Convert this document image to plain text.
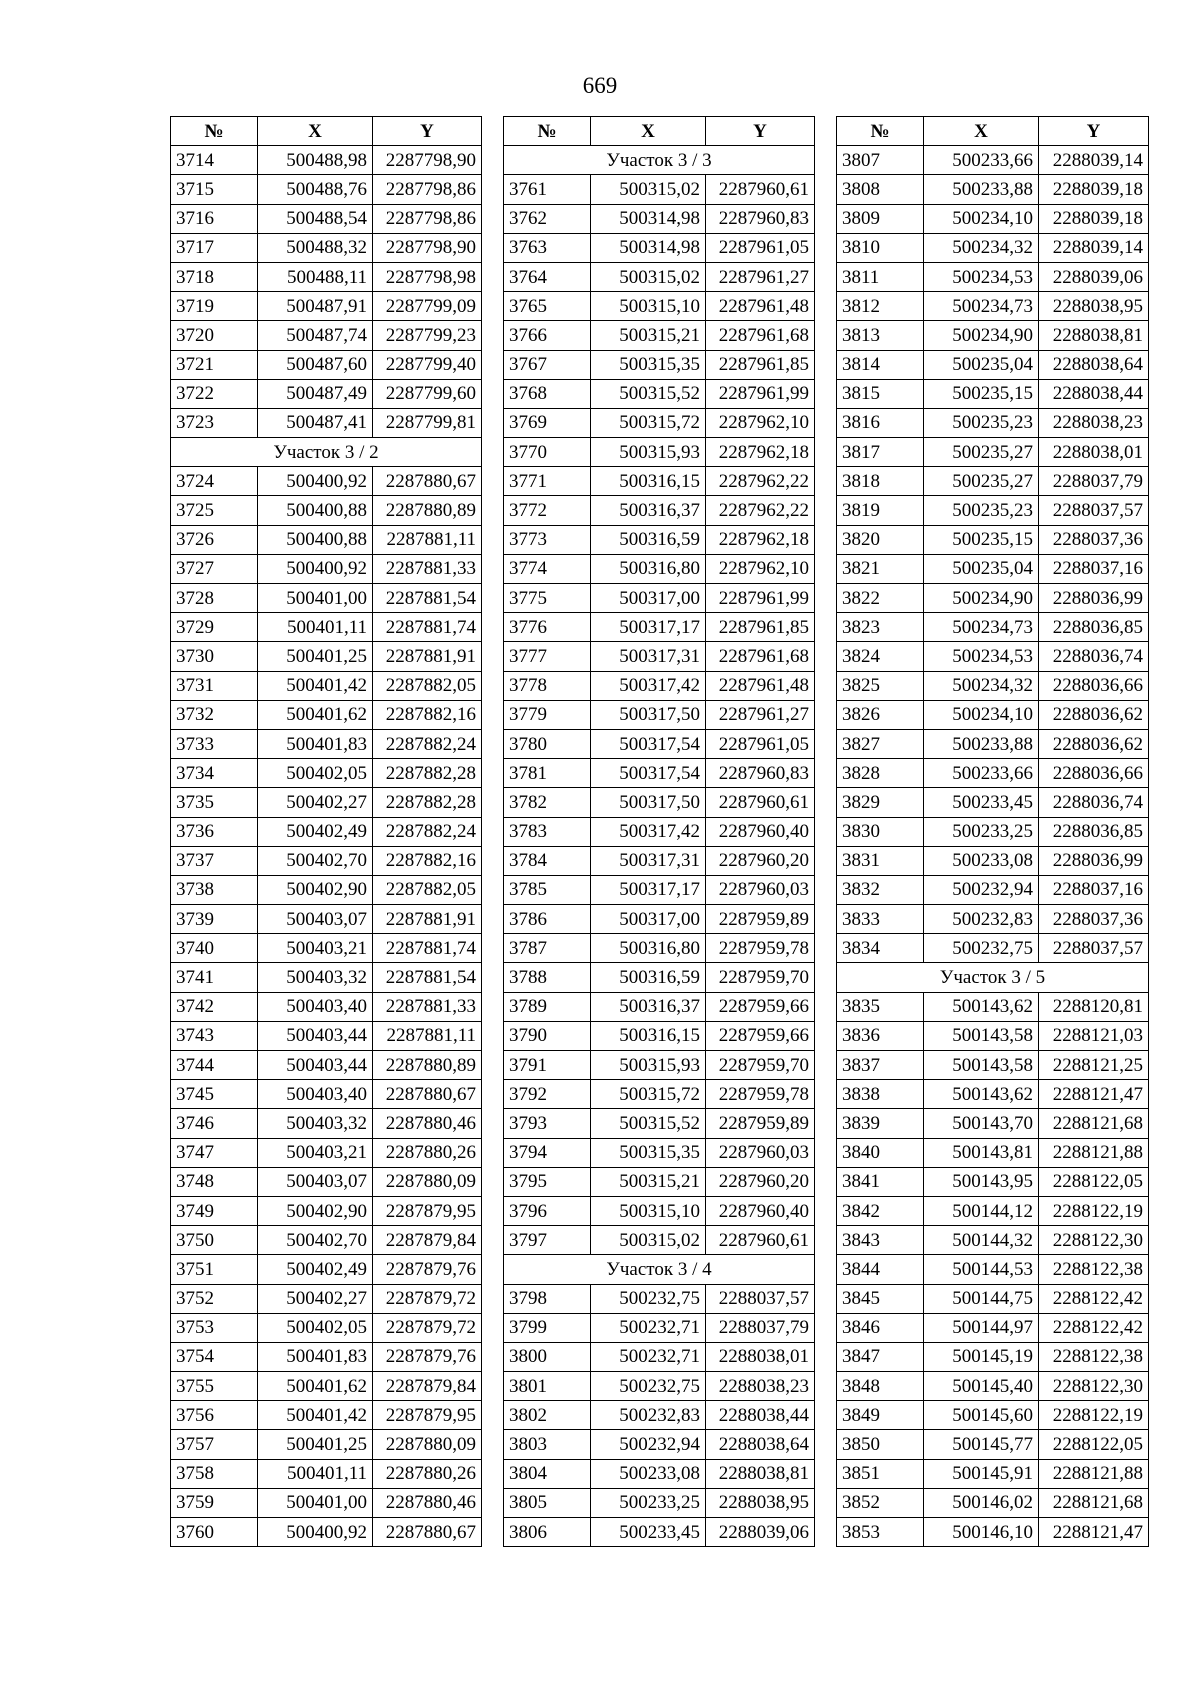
669
№	X	Y
3714	500488,98	2287798,90
3715	500488,76	2287798,86
3716	500488,54	2287798,86
3717	500488,32	2287798,90
3718	500488,11	2287798,98
3719	500487,91	2287799,09
3720	500487,74	2287799,23
3721	500487,60	2287799,40
3722	500487,49	2287799,60
3723	500487,41	2287799,81
Участок 3 / 2		
3724	500400,92	2287880,67
3725	500400,88	2287880,89
3726	500400,88	2287881,11
3727	500400,92	2287881,33
3728	500401,00	2287881,54
3729	500401,11	2287881,74
3730	500401,25	2287881,91
3731	500401,42	2287882,05
3732	500401,62	2287882,16
3733	500401,83	2287882,24
3734	500402,05	2287882,28
3735	500402,27	2287882,28
3736	500402,49	2287882,24
3737	500402,70	2287882,16
3738	500402,90	2287882,05
3739	500403,07	2287881,91
3740	500403,21	2287881,74
3741	500403,32	2287881,54
3742	500403,40	2287881,33
3743	500403,44	2287881,11
3744	500403,44	2287880,89
3745	500403,40	2287880,67
3746	500403,32	2287880,46
3747	500403,21	2287880,26
3748	500403,07	2287880,09
3749	500402,90	2287879,95
3750	500402,70	2287879,84
3751	500402,49	2287879,76
3752	500402,27	2287879,72
3753	500402,05	2287879,72
3754	500401,83	2287879,76
3755	500401,62	2287879,84
3756	500401,42	2287879,95
3757	500401,25	2287880,09
3758	500401,11	2287880,26
3759	500401,00	2287880,46
3760	500400,92	2287880,67
№	X	Y
Участок 3 / 3		
3761	500315,02	2287960,61
3762	500314,98	2287960,83
3763	500314,98	2287961,05
3764	500315,02	2287961,27
3765	500315,10	2287961,48
3766	500315,21	2287961,68
3767	500315,35	2287961,85
3768	500315,52	2287961,99
3769	500315,72	2287962,10
3770	500315,93	2287962,18
3771	500316,15	2287962,22
3772	500316,37	2287962,22
3773	500316,59	2287962,18
3774	500316,80	2287962,10
3775	500317,00	2287961,99
3776	500317,17	2287961,85
3777	500317,31	2287961,68
3778	500317,42	2287961,48
3779	500317,50	2287961,27
3780	500317,54	2287961,05
3781	500317,54	2287960,83
3782	500317,50	2287960,61
3783	500317,42	2287960,40
3784	500317,31	2287960,20
3785	500317,17	2287960,03
3786	500317,00	2287959,89
3787	500316,80	2287959,78
3788	500316,59	2287959,70
3789	500316,37	2287959,66
3790	500316,15	2287959,66
3791	500315,93	2287959,70
3792	500315,72	2287959,78
3793	500315,52	2287959,89
3794	500315,35	2287960,03
3795	500315,21	2287960,20
3796	500315,10	2287960,40
3797	500315,02	2287960,61
Участок 3 / 4		
3798	500232,75	2288037,57
3799	500232,71	2288037,79
3800	500232,71	2288038,01
3801	500232,75	2288038,23
3802	500232,83	2288038,44
3803	500232,94	2288038,64
3804	500233,08	2288038,81
3805	500233,25	2288038,95
3806	500233,45	2288039,06
№	X	Y
3807	500233,66	2288039,14
3808	500233,88	2288039,18
3809	500234,10	2288039,18
3810	500234,32	2288039,14
3811	500234,53	2288039,06
3812	500234,73	2288038,95
3813	500234,90	2288038,81
3814	500235,04	2288038,64
3815	500235,15	2288038,44
3816	500235,23	2288038,23
3817	500235,27	2288038,01
3818	500235,27	2288037,79
3819	500235,23	2288037,57
3820	500235,15	2288037,36
3821	500235,04	2288037,16
3822	500234,90	2288036,99
3823	500234,73	2288036,85
3824	500234,53	2288036,74
3825	500234,32	2288036,66
3826	500234,10	2288036,62
3827	500233,88	2288036,62
3828	500233,66	2288036,66
3829	500233,45	2288036,74
3830	500233,25	2288036,85
3831	500233,08	2288036,99
3832	500232,94	2288037,16
3833	500232,83	2288037,36
3834	500232,75	2288037,57
Участок 3 / 5		
3835	500143,62	2288120,81
3836	500143,58	2288121,03
3837	500143,58	2288121,25
3838	500143,62	2288121,47
3839	500143,70	2288121,68
3840	500143,81	2288121,88
3841	500143,95	2288122,05
3842	500144,12	2288122,19
3843	500144,32	2288122,30
3844	500144,53	2288122,38
3845	500144,75	2288122,42
3846	500144,97	2288122,42
3847	500145,19	2288122,38
3848	500145,40	2288122,30
3849	500145,60	2288122,19
3850	500145,77	2288122,05
3851	500145,91	2288121,88
3852	500146,02	2288121,68
3853	500146,10	2288121,47
